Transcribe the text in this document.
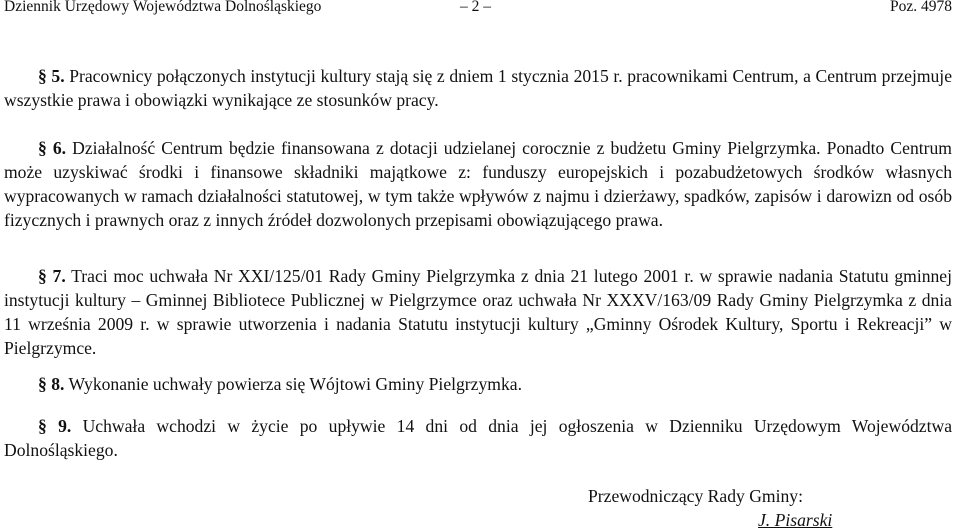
Dziennik Urzędowy Województwa Dolnośląskiego	– 2 –	Poz. 4978

§ 5. Pracownicy połączonych instytucji kultury stają się z dniem 1 stycznia 2015 r. pracownikami Centrum, a Centrum przejmuje wszystkie prawa i obowiązki wynikające ze stosunków pracy.

§ 6. Działalność Centrum będzie finansowana z dotacji udzielanej corocznie z budżetu Gminy Pielgrzymka. Ponadto Centrum może uzyskiwać środki i finansowe składniki majątkowe z: funduszy europejskich i pozabudżetowych środków własnych wypracowanych w ramach działalności statutowej, w tym także wpływów z najmu i dzierżawy, spadków, zapisów i darowizn od osób fizycznych i prawnych oraz z innych źródeł dozwolonych przepisami obowiązującego prawa.

§ 7. Traci moc uchwała Nr XXI/125/01 Rady Gminy Pielgrzymka z dnia 21 lutego 2001 r. w sprawie nadania Statutu gminnej instytucji kultury – Gminnej Bibliotece Publicznej w Pielgrzymce oraz uchwała Nr XXXV/163/09 Rady Gminy Pielgrzymka z dnia 11 września 2009 r. w sprawie utworzenia i nadania Statutu instytucji kultury „Gminny Ośrodek Kultury, Sportu i Rekreacji” w Pielgrzymce.

§ 8. Wykonanie uchwały powierza się Wójtowi Gminy Pielgrzymka.

§ 9. Uchwała wchodzi w życie po upływie 14 dni od dnia jej ogłoszenia w Dzienniku Urzędowym Województwa Dolnośląskiego.

Przewodniczący Rady Gminy:
J. Pisarski
